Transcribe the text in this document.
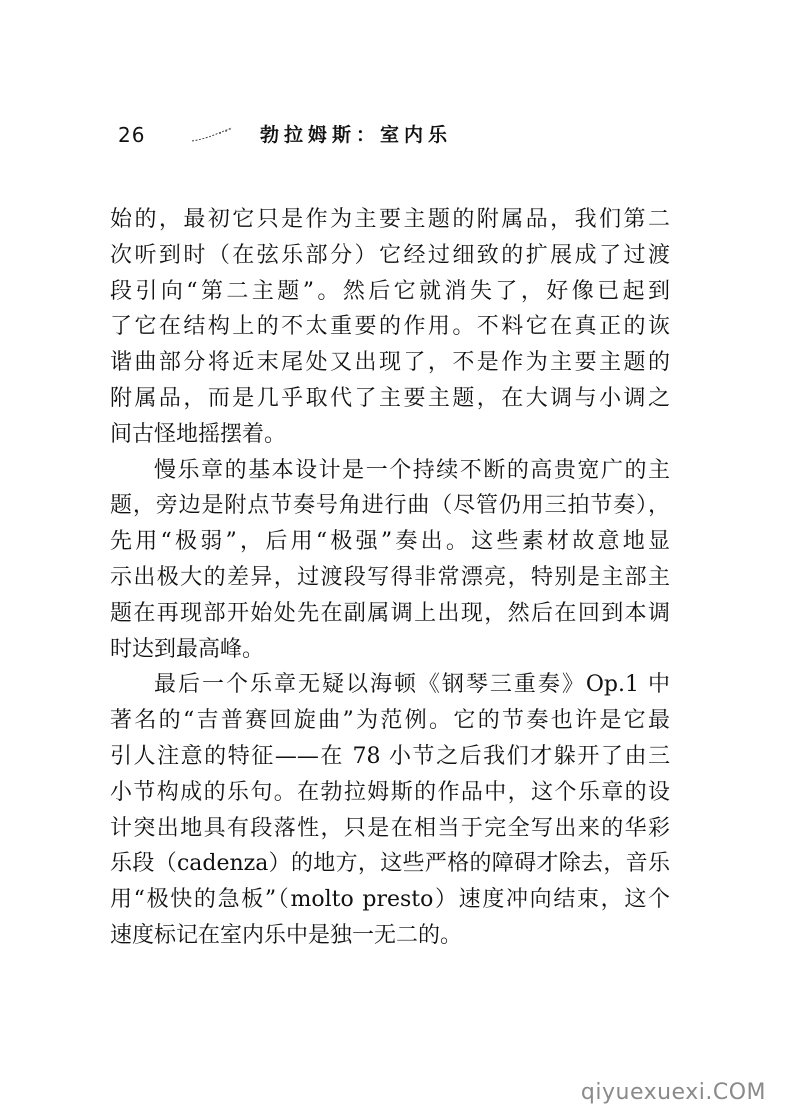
26	勃拉姆斯：室内乐

始的，最初它只是作为主要主题的附属品，我们第二
次听到时（在弦乐部分）它经过细致的扩展成了过渡
段引向“第二主题”。然后它就消失了，好像已起到
了它在结构上的不太重要的作用。不料它在真正的诙
谐曲部分将近末尾处又出现了，不是作为主要主题的
附属品，而是几乎取代了主要主题，在大调与小调之
间古怪地摇摆着。

慢乐章的基本设计是一个持续不断的高贵宽广的主
题，旁边是附点节奏号角进行曲（尽管仍用三拍节奏），
先用“极弱”，后用“极强”奏出。这些素材故意地显
示出极大的差异，过渡段写得非常漂亮，特别是主部主
题在再现部开始处先在副属调上出现，然后在回到本调
时达到最高峰。

最后一个乐章无疑以海顿《钢琴三重奏》Op.1 中
著名的“吉普赛回旋曲”为范例。它的节奏也许是它最
引人注意的特征——在 78 小节之后我们才躲开了由三
小节构成的乐句。在勃拉姆斯的作品中，这个乐章的设
计突出地具有段落性，只是在相当于完全写出来的华彩
乐段（cadenza）的地方，这些严格的障碍才除去，音乐
用“极快的急板”（molto presto）速度冲向结束，这个
速度标记在室内乐中是独一无二的。

qiyuexuexi.COM
